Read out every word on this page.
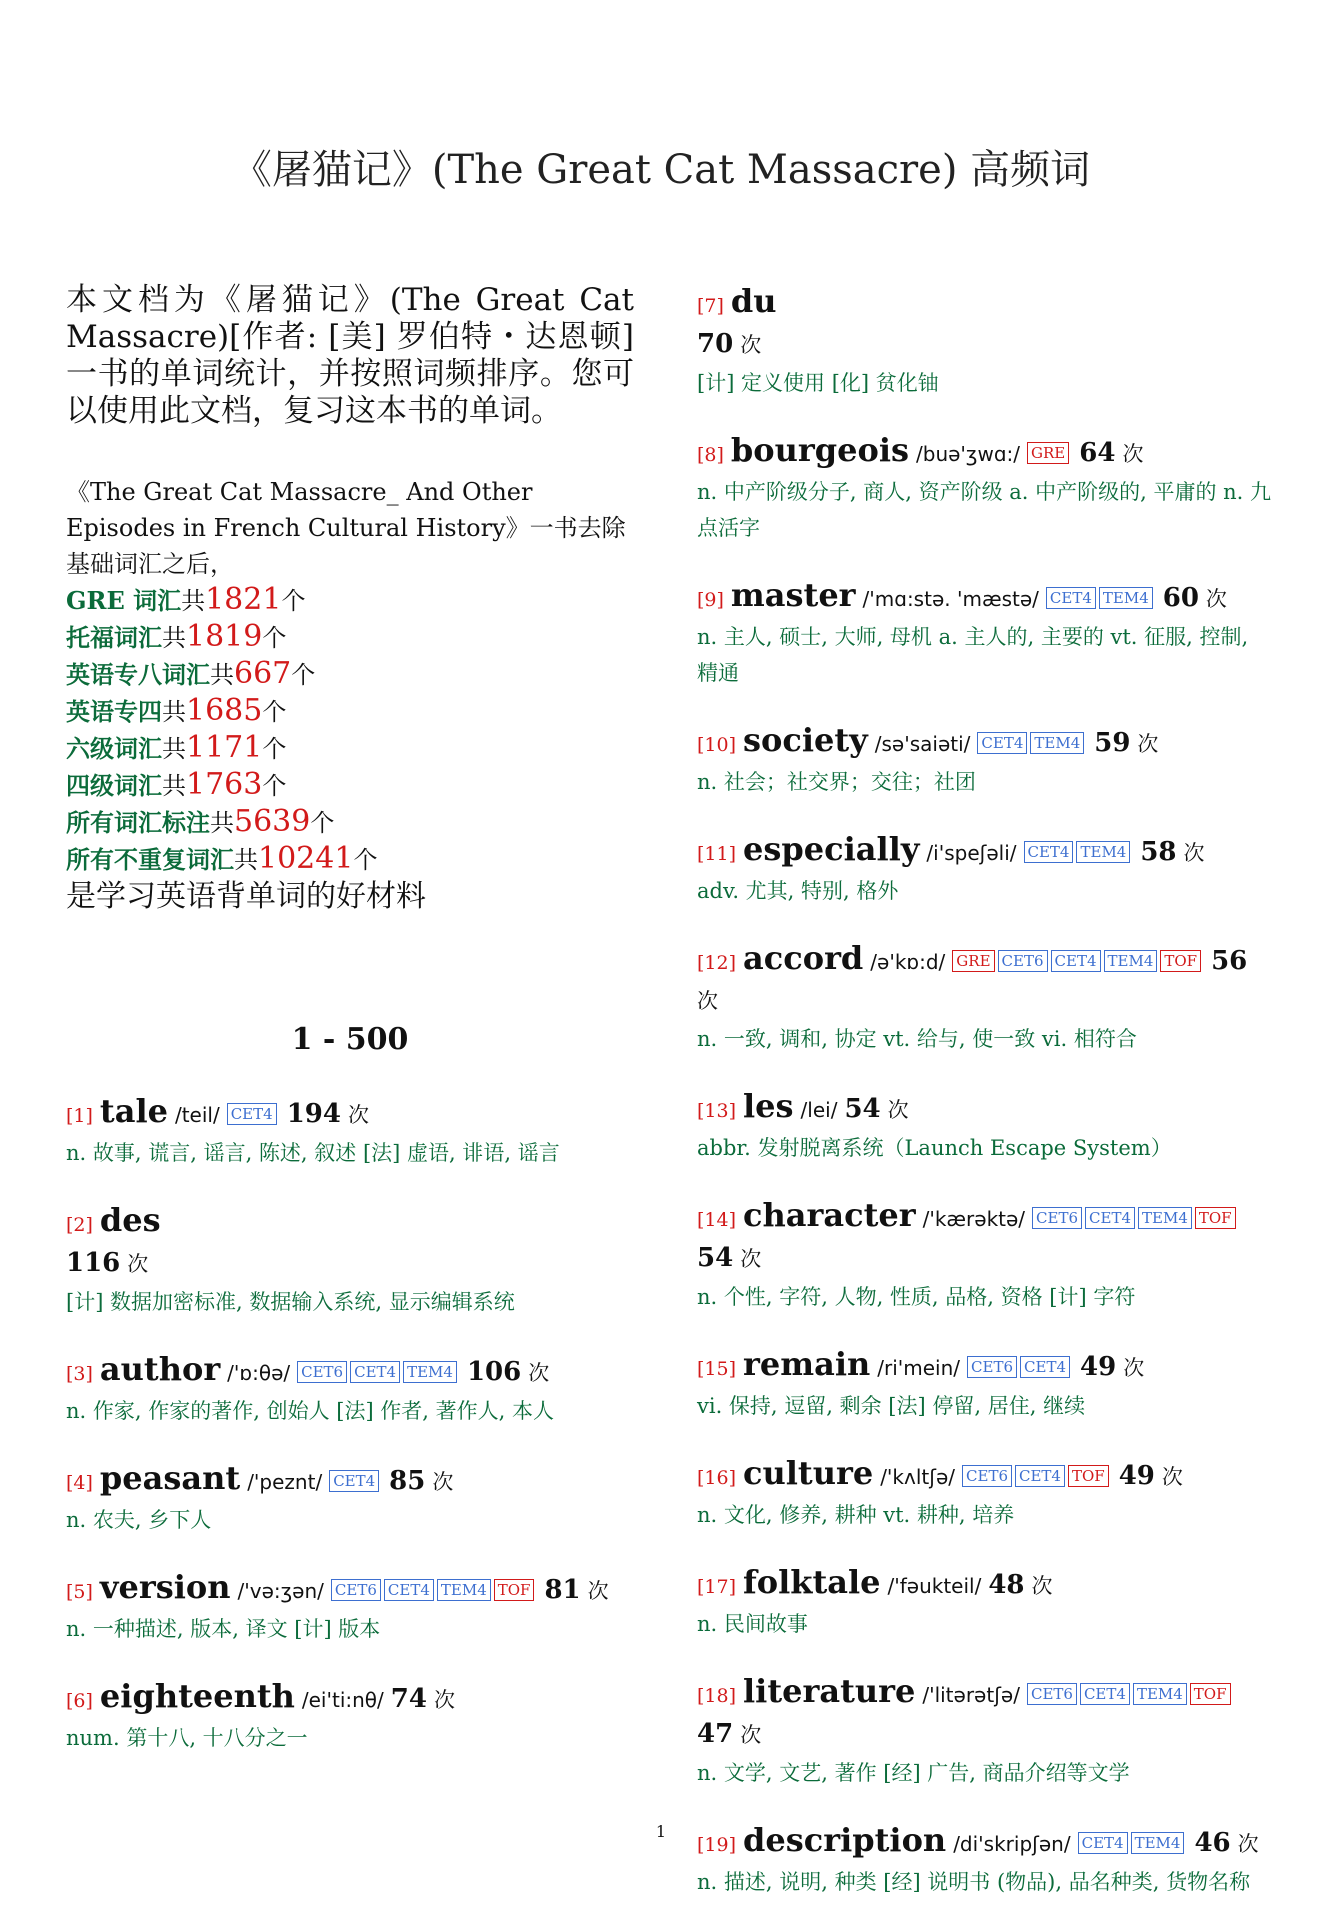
《屠猫记》(The Great Cat Massacre) 高频词

本文档为《屠猫记》(The Great Cat Massacre)[作者: [美] 罗伯特・达恩顿] 一书的单词统计，并按照词频排序。您可以使用此文档，复习这本书的单词。

《The Great Cat Massacre_ And Other Episodes in French Cultural History》一书去除基础词汇之后，

GRE 词汇共1821个
托福词汇共1819个
英语专八词汇共667个
英语专四共1685个
六级词汇共1171个
四级词汇共1763个
所有词汇标注共5639个
所有不重复词汇共10241个
是学习英语背单词的好材料
1 - 500
[1] tale /teil/ CET4 194 次
n. 故事, 谎言, 谣言, 陈述, 叙述 [法] 虚语, 诽语, 谣言
[2] des
116 次
[计] 数据加密标准, 数据输入系统, 显示编辑系统
[3] author /'ɒ:θə/ CET6 CET4 TEM4 106 次
n. 作家, 作家的著作, 创始人 [法] 作者, 著作人, 本人
[4] peasant /'peznt/ CET4 85 次
n. 农夫, 乡下人
[5] version /'və:ʒən/ CET6 CET4 TEM4 TOF 81 次
n. 一种描述, 版本, 译文 [计] 版本
[6] eighteenth /ei'ti:nθ/ 74 次
num. 第十八, 十八分之一
[7] du
70 次
[计] 定义使用 [化] 贫化铀
[8] bourgeois /buə'ʒwɑ:/ GRE 64 次
n. 中产阶级分子, 商人, 资产阶级 a. 中产阶级的, 平庸的 n. 九点活字
[9] master /'mɑ:stə. 'mæstə/ CET4 TEM4 60 次
n. 主人, 硕士, 大师, 母机 a. 主人的, 主要的 vt. 征服, 控制, 精通
[10] society /sə'saiəti/ CET4 TEM4 59 次
n. 社会；社交界；交往；社团
[11] especially /i'speʃəli/ CET4 TEM4 58 次
adv. 尤其, 特别, 格外
[12] accord /ə'kɒ:d/ GRE CET6 CET4 TEM4 TOF 56 次
n. 一致, 调和, 协定 vt. 给与, 使一致 vi. 相符合
[13] les /lei/ 54 次
abbr. 发射脱离系统（Launch Escape System）
[14] character /'kærəktə/ CET6 CET4 TEM4 TOF 54 次
n. 个性, 字符, 人物, 性质, 品格, 资格 [计] 字符
[15] remain /ri'mein/ CET6 CET4 49 次
vi. 保持, 逗留, 剩余 [法] 停留, 居住, 继续
[16] culture /'kʌltʃə/ CET6 CET4 TOF 49 次
n. 文化, 修养, 耕种 vt. 耕种, 培养
[17] folktale /'fəukteil/ 48 次
n. 民间故事
[18] literature /'litərətʃə/ CET6 CET4 TEM4 TOF 47 次
n. 文学, 文艺, 著作 [经] 广告, 商品介绍等文学
[19] description /di'skripʃən/ CET4 TEM4 46 次
n. 描述, 说明, 种类 [经] 说明书 (物品), 品名种类, 货物名称
1
